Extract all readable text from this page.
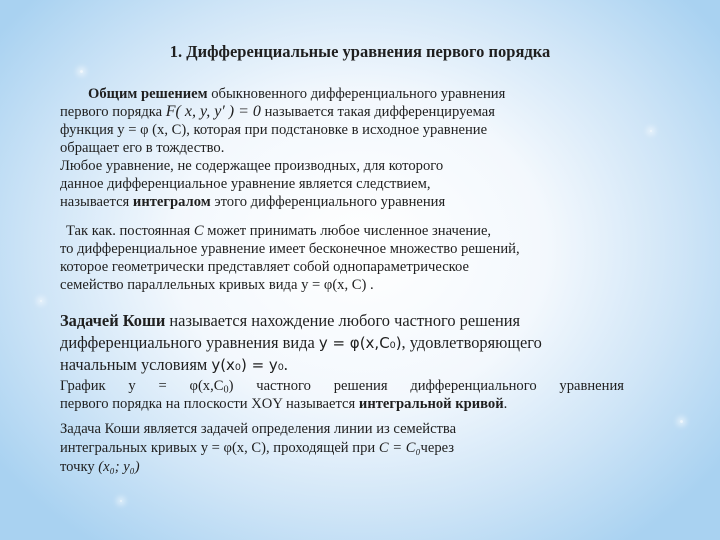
1. Дифференциальные уравнения первого порядка
Общим решением обыкновенного дифференциального уравнения
первого порядка F( x, y, y′ ) = 0 называется такая дифференцируемая
функция y = φ (x, C), которая при подстановке в исходное уравнение
обращает его в тождество.
Любое уравнение, не содержащее производных, для которого
данное дифференциальное уравнение является следствием,
называется интегралом этого дифференциального уравнения
Так как. постоянная С может принимать любое численное значение,
то дифференциальное уравнение имеет бесконечное множество решений,
которое геометрически представляет собой однопараметрическое
семейство параллельных кривых вида y = φ(x, C) .
Задачей Коши называется нахождение любого частного решения
дифференциального уравнения вида y = φ(x,C₀), удовлетворяющего
начальным условиям y(x₀) = y₀.
График $y = \varphi(x,C_0)$ частного решения дифференциального уравнения
первого порядка на плоскости XOY называется интегральной кривой.
Задача Коши является задачей определения линии из семейства
интегральных кривых y = φ(x, C), проходящей при C = C₀через
точку (x₀; y₀)
